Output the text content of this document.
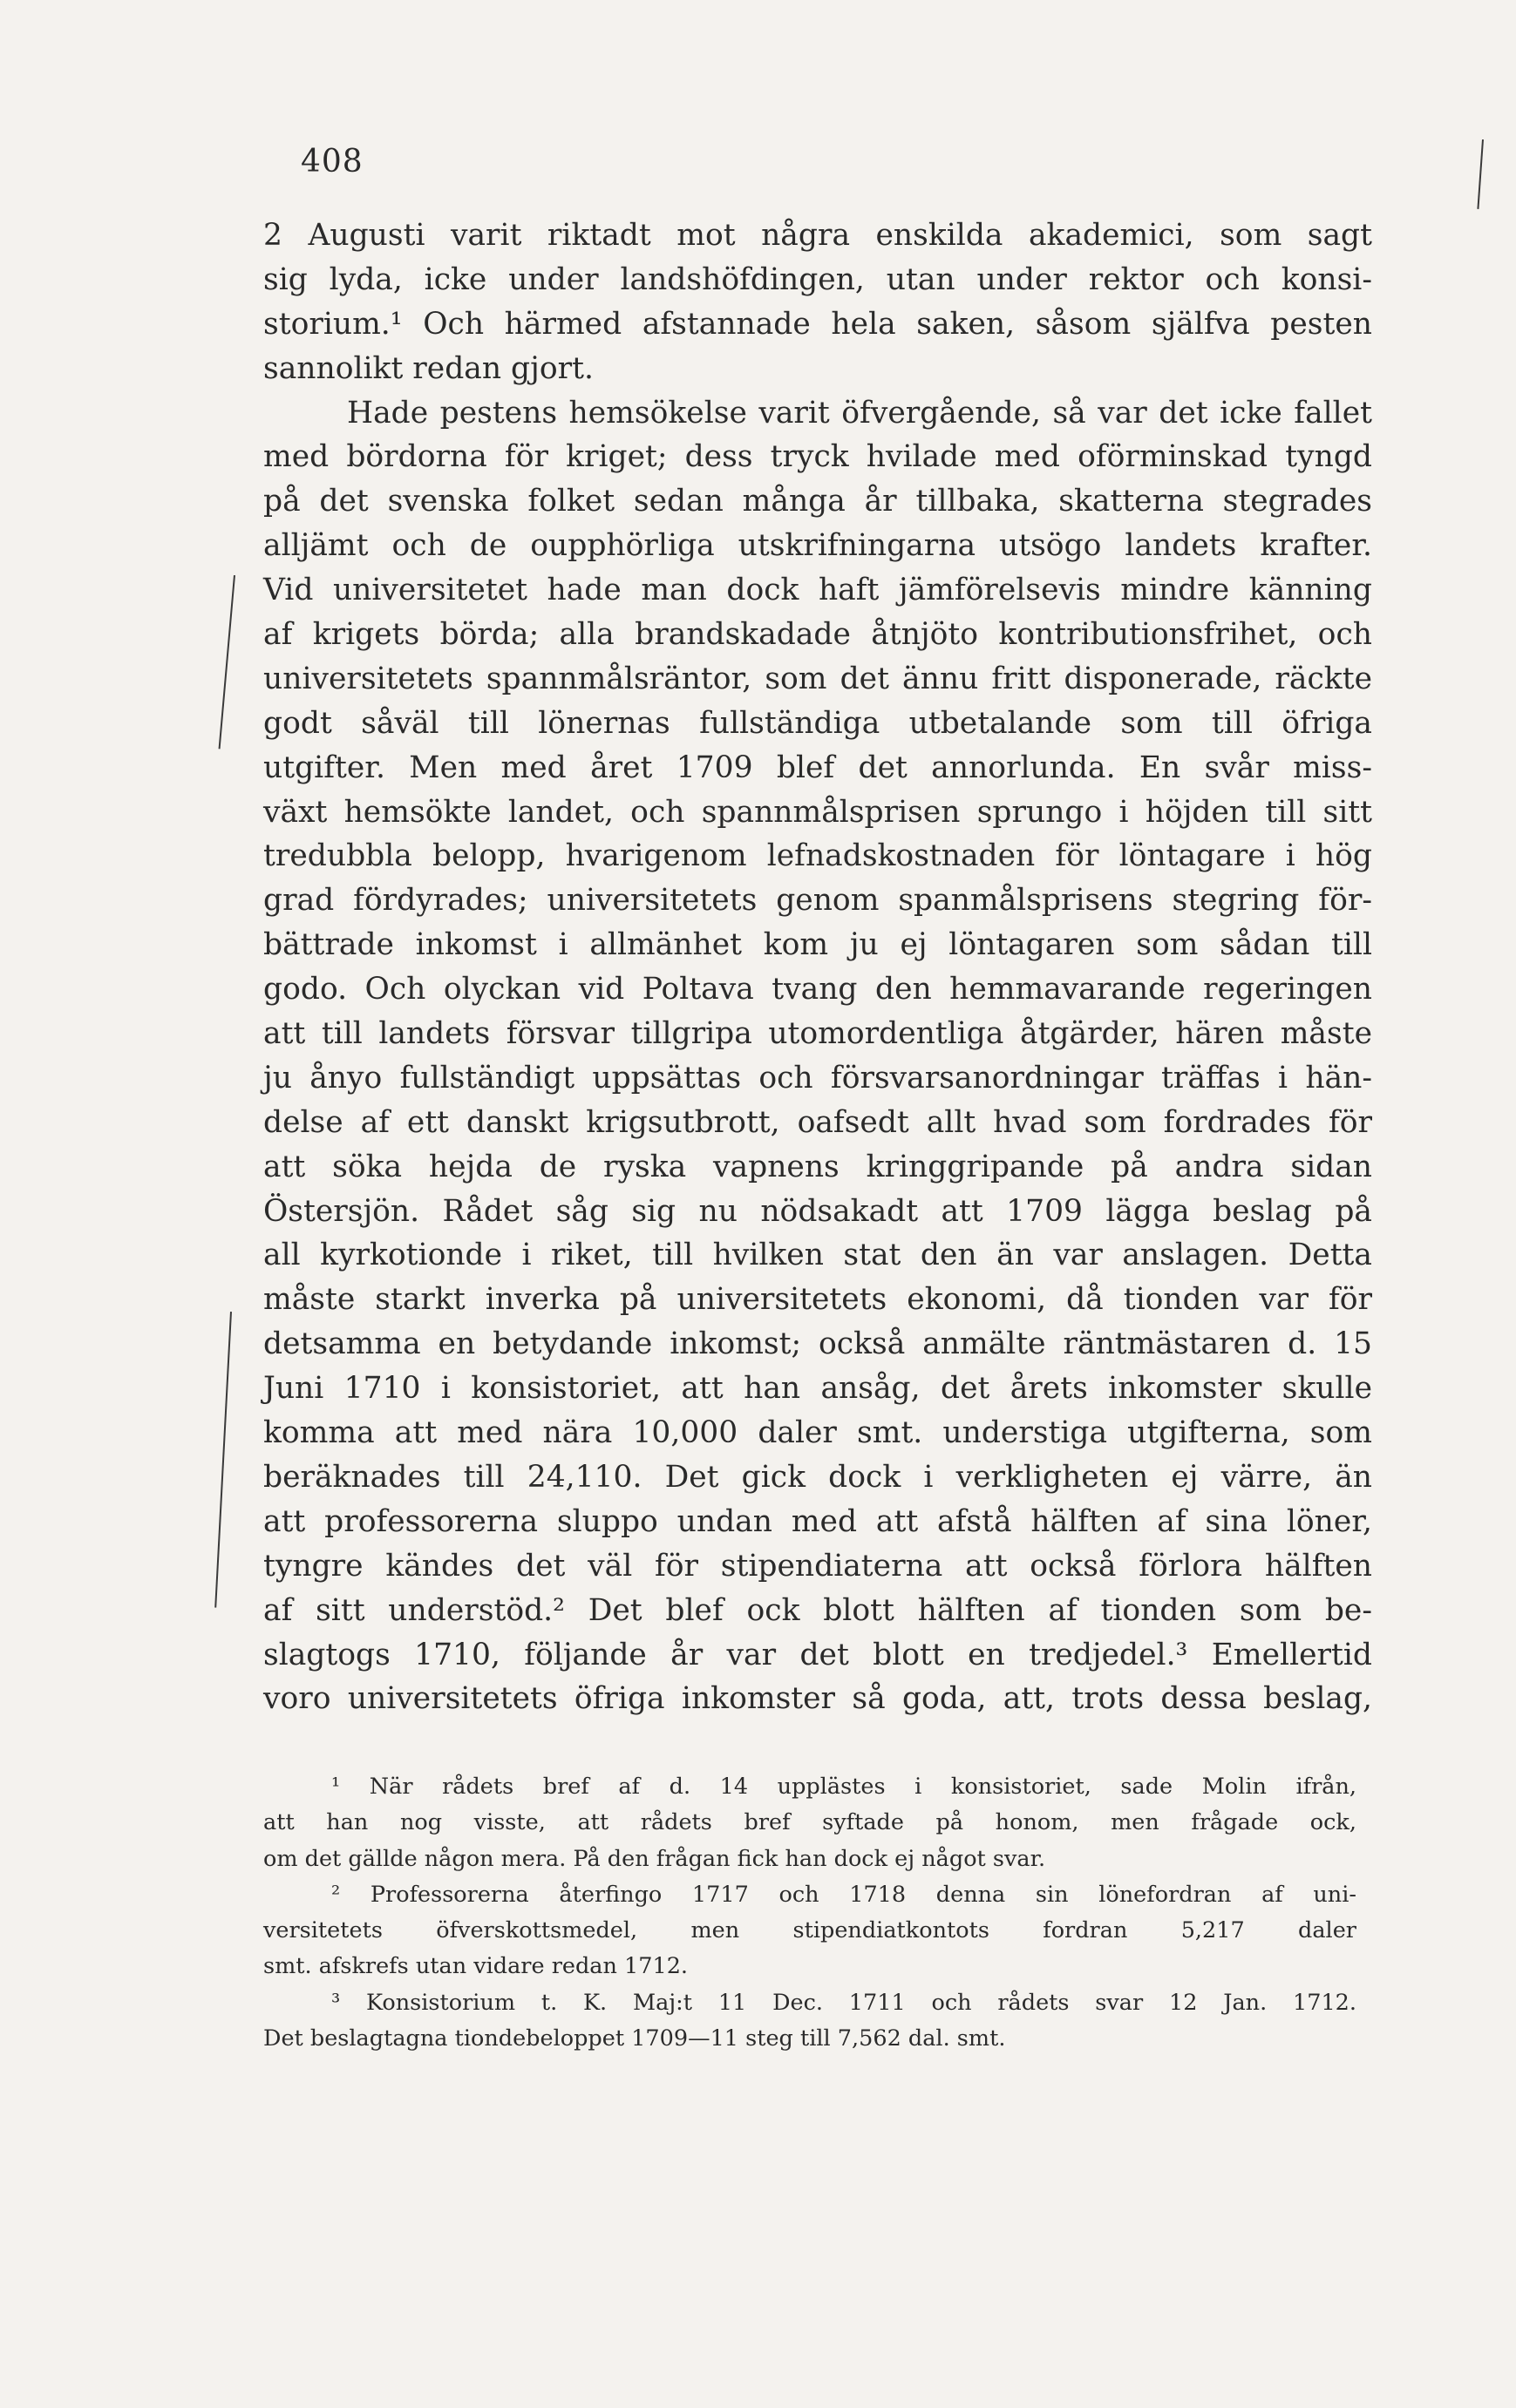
408
2 Augusti varit riktadt mot några enskilda akademici, som sagt
sig lyda, icke under landshöfdingen, utan under rektor och konsi-
storium.¹ Och härmed afstannade hela saken, såsom själfva pesten
sannolikt redan gjort.
Hade pestens hemsökelse varit öfvergående, så var det icke fallet
med bördorna för kriget; dess tryck hvilade med oförminskad tyngd
på det svenska folket sedan många år tillbaka, skatterna stegrades
alljämt och de oupphörliga utskrifningarna utsögo landets krafter.
Vid universitetet hade man dock haft jämförelsevis mindre känning
af krigets börda; alla brandskadade åtnjöto kontributionsfrihet, och
universitetets spannmålsräntor, som det ännu fritt disponerade, räckte
godt såväl till lönernas fullständiga utbetalande som till öfriga
utgifter. Men med året 1709 blef det annorlunda. En svår miss-
växt hemsökte landet, och spannmålsprisen sprungo i höjden till sitt
tredubbla belopp, hvarigenom lefnadskostnaden för löntagare i hög
grad fördyrades; universitetets genom spanmålsprisens stegring för-
bättrade inkomst i allmänhet kom ju ej löntagaren som sådan till
godo. Och olyckan vid Poltava tvang den hemmavarande regeringen
att till landets försvar tillgripa utomordentliga åtgärder, hären måste
ju ånyo fullständigt uppsättas och försvarsanordningar träffas i hän-
delse af ett danskt krigsutbrott, oafsedt allt hvad som fordrades för
att söka hejda de ryska vapnens kringgripande på andra sidan
Östersjön. Rådet såg sig nu nödsakadt att 1709 lägga beslag på
all kyrkotionde i riket, till hvilken stat den än var anslagen. Detta
måste starkt inverka på universitetets ekonomi, då tionden var för
detsamma en betydande inkomst; också anmälte räntmästaren d. 15
Juni 1710 i konsistoriet, att han ansåg, det årets inkomster skulle
komma att med nära 10,000 daler smt. understiga utgifterna, som
beräknades till 24,110. Det gick dock i verkligheten ej värre, än
att professorerna sluppo undan med att afstå hälften af sina löner,
tyngre kändes det väl för stipendiaterna att också förlora hälften
af sitt understöd.² Det blef ock blott hälften af tionden som be-
slagtogs 1710, följande år var det blott en tredjedel.³ Emellertid
voro universitetets öfriga inkomster så goda, att, trots dessa beslag,
¹ När rådets bref af d. 14 upplästes i konsistoriet, sade Molin ifrån,
att han nog visste, att rådets bref syftade på honom, men frågade ock,
om det gällde någon mera. På den frågan fick han dock ej något svar.
² Professorerna återfingo 1717 och 1718 denna sin lönefordran af uni-
versitetets öfverskottsmedel, men stipendiatkontots fordran 5,217 daler
smt. afskrefs utan vidare redan 1712.
³ Konsistorium t. K. Maj:t 11 Dec. 1711 och rådets svar 12 Jan. 1712.
Det beslagtagna tiondebeloppet 1709—11 steg till 7,562 dal. smt.
